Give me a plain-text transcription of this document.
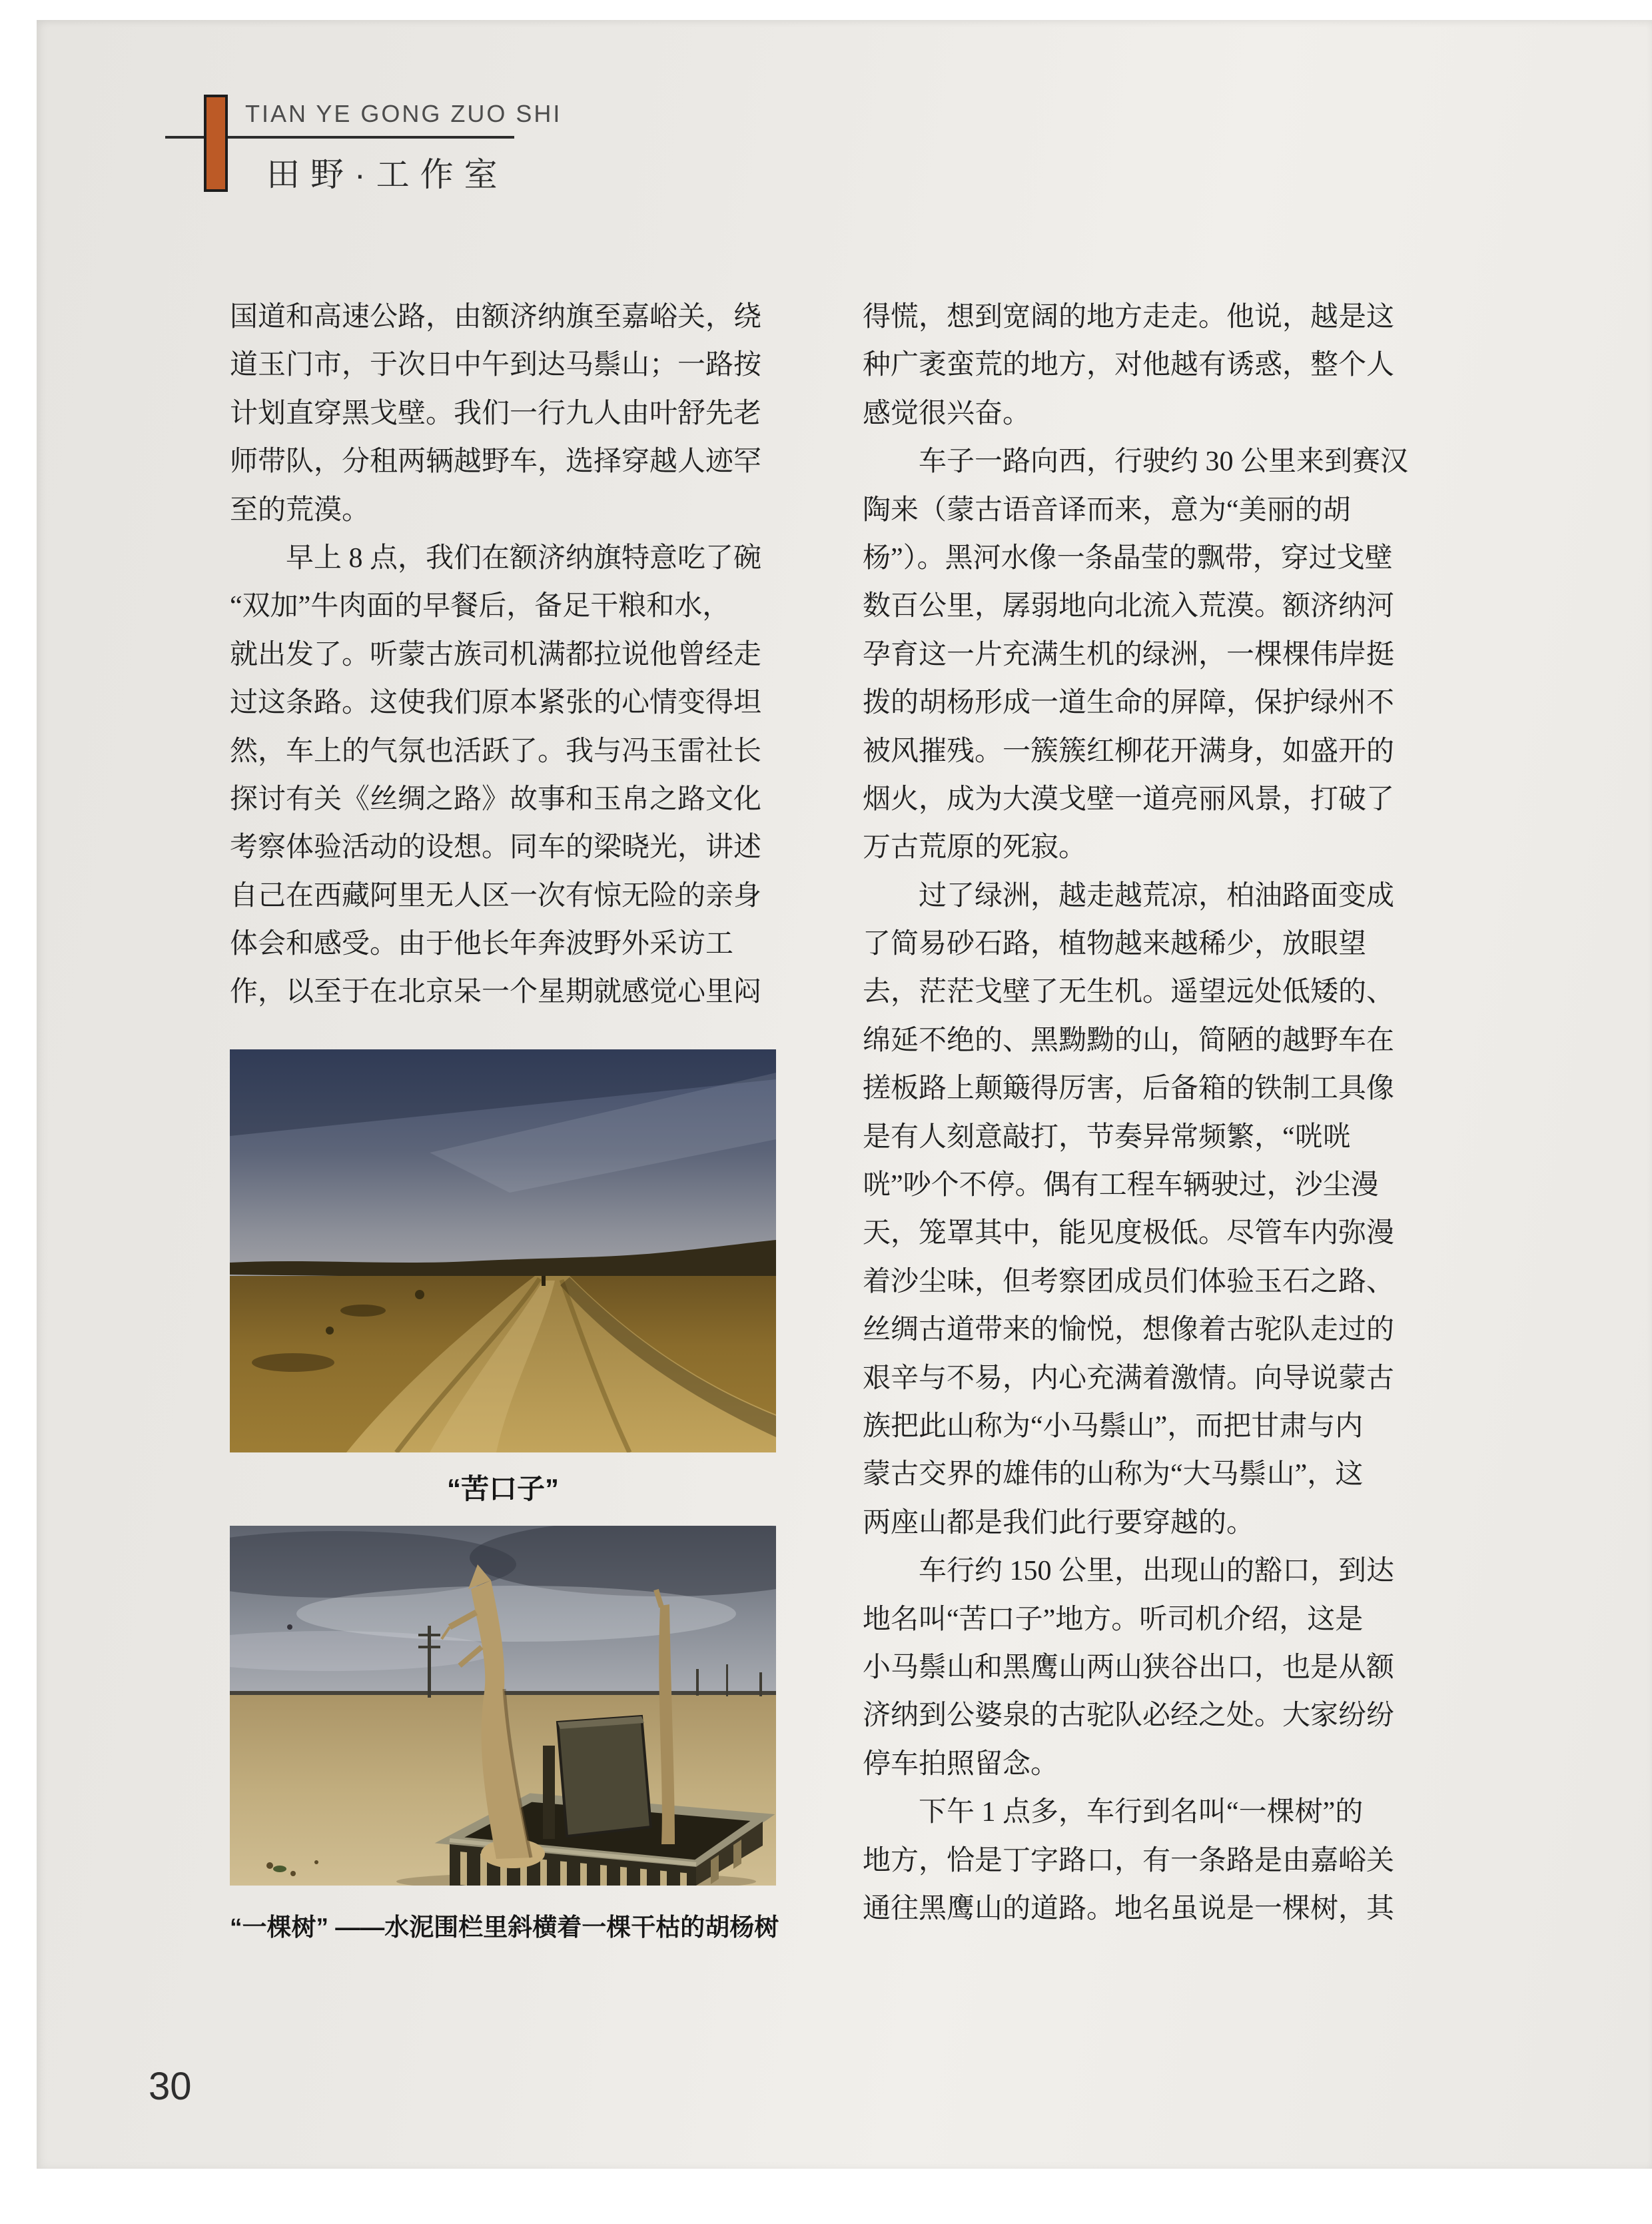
TIAN YE GONG ZUO SHI
田野·工作室
国道和高速公路，由额济纳旗至嘉峪关，绕
道玉门市，于次日中午到达马鬃山；一路按
计划直穿黑戈壁。我们一行九人由叶舒先老
师带队，分租两辆越野车，选择穿越人迹罕
至的荒漠。
　　早上 8 点，我们在额济纳旗特意吃了碗
“双加”牛肉面的早餐后，备足干粮和水，
就出发了。听蒙古族司机满都拉说他曾经走
过这条路。这使我们原本紧张的心情变得坦
然，车上的气氛也活跃了。我与冯玉雷社长
探讨有关《丝绸之路》故事和玉帛之路文化
考察体验活动的设想。同车的梁晓光，讲述
自己在西藏阿里无人区一次有惊无险的亲身
体会和感受。由于他长年奔波野外采访工
作，以至于在北京呆一个星期就感觉心里闷
得慌，想到宽阔的地方走走。他说，越是这
种广袤蛮荒的地方，对他越有诱惑，整个人
感觉很兴奋。
　　车子一路向西，行驶约 30 公里来到赛汉
陶来（蒙古语音译而来，意为“美丽的胡
杨”）。黑河水像一条晶莹的飘带，穿过戈壁
数百公里，孱弱地向北流入荒漠。额济纳河
孕育这一片充满生机的绿洲，一棵棵伟岸挺
拨的胡杨形成一道生命的屏障，保护绿州不
被风摧残。一簇簇红柳花开满身，如盛开的
烟火，成为大漠戈壁一道亮丽风景，打破了
万古荒原的死寂。
　　过了绿洲，越走越荒凉，柏油路面变成
了简易砂石路，植物越来越稀少，放眼望
去，茫茫戈壁了无生机。遥望远处低矮的、
绵延不绝的、黑黝黝的山，简陋的越野车在
搓板路上颠簸得厉害，后备箱的铁制工具像
是有人刻意敲打，节奏异常频繁，“咣咣
咣”吵个不停。偶有工程车辆驶过，沙尘漫
天，笼罩其中，能见度极低。尽管车内弥漫
着沙尘味，但考察团成员们体验玉石之路、
丝绸古道带来的愉悦，想像着古驼队走过的
艰辛与不易，内心充满着激情。向导说蒙古
族把此山称为“小马鬃山”，而把甘肃与内
蒙古交界的雄伟的山称为“大马鬃山”，这
两座山都是我们此行要穿越的。
　　车行约 150 公里，出现山的豁口，到达
地名叫“苦口子”地方。听司机介绍，这是
小马鬃山和黑鹰山两山狭谷出口，也是从额
济纳到公婆泉的古驼队必经之处。大家纷纷
停车拍照留念。
　　下午 1 点多，车行到名叫“一棵树”的
地方，恰是丁字路口，有一条路是由嘉峪关
通往黑鹰山的道路。地名虽说是一棵树，其
“苦口子”
“一棵树” ——水泥围栏里斜横着一棵干枯的胡杨树
30
